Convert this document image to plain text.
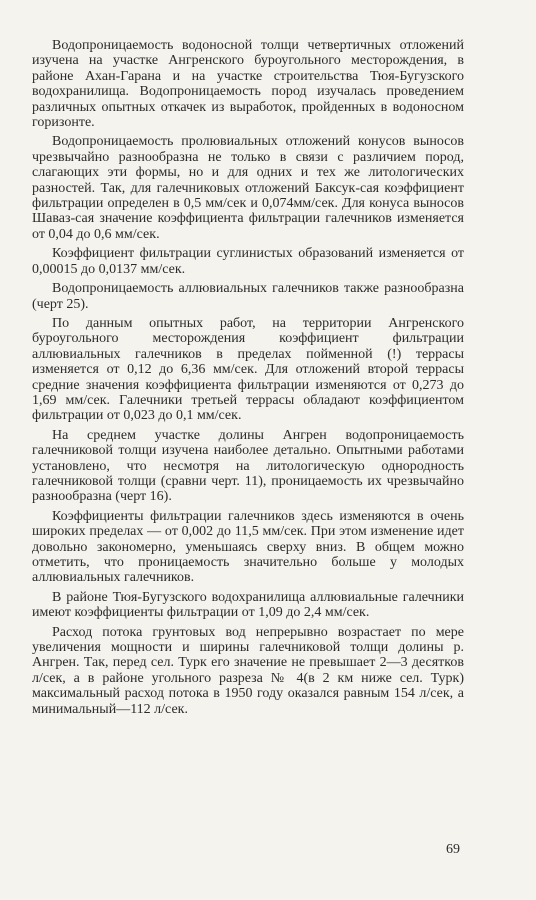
Водопроницаемость водоносной толщи четвертичных отложений изучена на участке Ангренского буроугольного месторождения, в районе Ахан-Гарана и на участке строительства Тюя-Бугузского водохранилища. Водопроницаемость пород изучалась проведением различных опытных откачек из выработок, пройденных в водоносном горизонте.

Водопроницаемость пролювиальных отложений конусов выносов чрезвычайно разнообразна не только в связи с различием пород, слагающих эти формы, но и для одних и тех же литологических разностей. Так, для галечниковых отложений Баксук-сая коэффициент фильтрации определен в 0,5 мм/сек и 0,074мм/сек. Для конуса выносов Шаваз-сая значение коэффициента фильтрации галечников изменяется от 0,04 до 0,6 мм/сек.

Коэффициент фильтрации суглинистых образований изменяется от 0,00015 до 0,0137 мм/сек.

Водопроницаемость аллювиальных галечников также разнообразна (черт 25).

По данным опытных работ, на территории Ангренского буроугольного месторождения коэффициент фильтрации аллювиальных галечников в пределах пойменной (!) террасы изменяется от 0,12 до 6,36 мм/сек. Для отложений второй террасы средние значения коэффициента фильтрации изменяются от 0,273 до 1,69 мм/сек. Галечники третьей террасы обладают коэффициентом фильтрации от 0,023 до 0,1 мм/сек.

На среднем участке долины Ангрен водопроницаемость галечниковой толщи изучена наиболее детально. Опытными работами установлено, что несмотря на литологическую однородность галечниковой толщи (сравни черт. 11), проницаемость их чрезвычайно разнообразна (черт 16).

Коэффициенты фильтрации галечников здесь изменяются в очень широких пределах — от 0,002 до 11,5 мм/сек. При этом изменение идет довольно закономерно, уменьшаясь сверху вниз. В общем можно отметить, что проницаемость значительно больше у молодых аллювиальных галечников.

В районе Тюя-Бугузского водохранилища аллювиальные галечники имеют коэффициенты фильтрации от 1,09 до 2,4 мм/сек.

Расход потока грунтовых вод непрерывно возрастает по мере увеличения мощности и ширины галечниковой толщи долины р. Ангрен. Так, перед сел. Турк его значение не превышает 2—3 десятков л/сек, а в районе угольного разреза № 4(в 2 км ниже сел. Турк) максимальный расход потока в 1950 году оказался равным 154 л/сек, а минимальный—112 л/сек.

69
